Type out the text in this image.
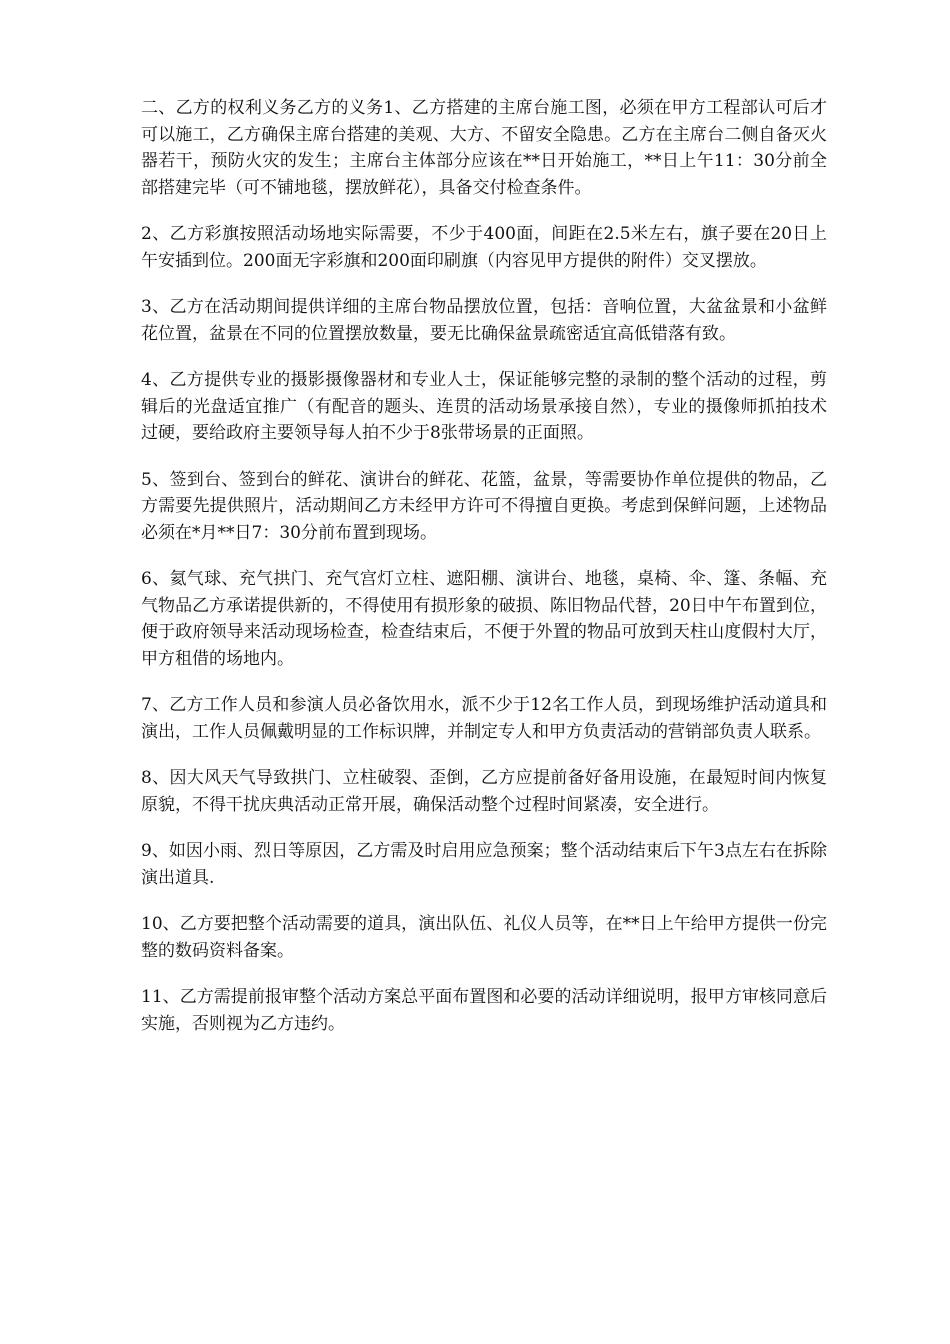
二、乙方的权利义务乙方的义务1、乙方搭建的主席台施工图，必须在甲方工程部认可后才可以施工，乙方确保主席台搭建的美观、大方、不留安全隐患。乙方在主席台二侧自备灭火器若干，预防火灾的发生；主席台主体部分应该在**日开始施工，**日上午11：30分前全部搭建完毕（可不铺地毯，摆放鲜花），具备交付检查条件。

2、乙方彩旗按照活动场地实际需要，不少于400面，间距在2.5米左右，旗子要在20日上午安插到位。200面无字彩旗和200面印刷旗（内容见甲方提供的附件）交叉摆放。

3、乙方在活动期间提供详细的主席台物品摆放位置，包括：音响位置，大盆盆景和小盆鲜花位置，盆景在不同的位置摆放数量，要无比确保盆景疏密适宜高低错落有致。

4、乙方提供专业的摄影摄像器材和专业人士，保证能够完整的录制的整个活动的过程，剪辑后的光盘适宜推广（有配音的题头、连贯的活动场景承接自然），专业的摄像师抓拍技术过硬，要给政府主要领导每人拍不少于8张带场景的正面照。

5、签到台、签到台的鲜花、演讲台的鲜花、花篮，盆景，等需要协作单位提供的物品，乙方需要先提供照片，活动期间乙方未经甲方许可不得擅自更换。考虑到保鲜问题，上述物品必须在*月**日7：30分前布置到现场。

6、氦气球、充气拱门、充气宫灯立柱、遮阳棚、演讲台、地毯，桌椅、伞、篷、条幅、充气物品乙方承诺提供新的，不得使用有损形象的破损、陈旧物品代替，20日中午布置到位，便于政府领导来活动现场检查，检查结束后，不便于外置的物品可放到天柱山度假村大厅，甲方租借的场地内。

7、乙方工作人员和参演人员必备饮用水，派不少于12名工作人员，到现场维护活动道具和演出，工作人员佩戴明显的工作标识牌，并制定专人和甲方负责活动的营销部负责人联系。

8、因大风天气导致拱门、立柱破裂、歪倒，乙方应提前备好备用设施，在最短时间内恢复原貌，不得干扰庆典活动正常开展，确保活动整个过程时间紧凑，安全进行。

9、如因小雨、烈日等原因，乙方需及时启用应急预案；整个活动结束后下午3点左右在拆除演出道具.

10、乙方要把整个活动需要的道具，演出队伍、礼仪人员等，在**日上午给甲方提供一份完整的数码资料备案。

11、乙方需提前报审整个活动方案总平面布置图和必要的活动详细说明，报甲方审核同意后实施，否则视为乙方违约。
